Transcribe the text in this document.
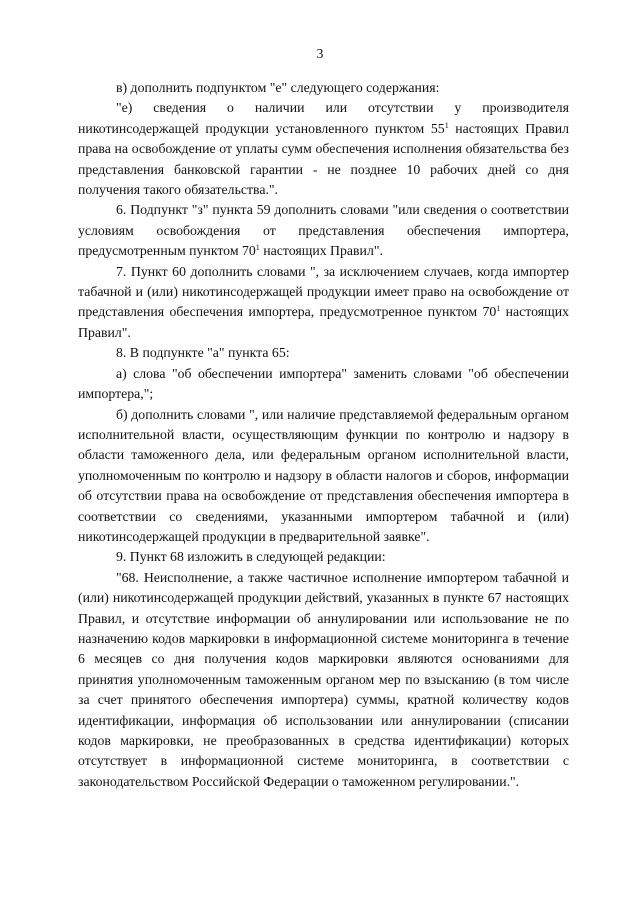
3

в) дополнить подпунктом "е" следующего содержания:

"е) сведения о наличии или отсутствии у производителя никотинсодержащей продукции установленного пунктом $55^1$ настоящих Правил права на освобождение от уплаты сумм обеспечения исполнения обязательства без представления банковской гарантии - не позднее 10 рабочих дней со дня получения такого обязательства.".

6. Подпункт "з" пункта 59 дополнить словами "или сведения о соответствии условиям освобождения от представления обеспечения импортера, предусмотренным пунктом $70^1$ настоящих Правил".

7. Пункт 60 дополнить словами ", за исключением случаев, когда импортер табачной и (или) никотинсодержащей продукции имеет право на освобождение от представления обеспечения импортера, предусмотренное пунктом $70^1$ настоящих Правил".

8. В подпункте "а" пункта 65:

а) слова "об обеспечении импортера" заменить словами "об обеспечении импортера,";

б) дополнить словами ", или наличие представляемой федеральным органом исполнительной власти, осуществляющим функции по контролю и надзору в области таможенного дела, или федеральным органом исполнительной власти, уполномоченным по контролю и надзору в области налогов и сборов, информации об отсутствии права на освобождение от представления обеспечения импортера в соответствии со сведениями, указанными импортером табачной и (или) никотинсодержащей продукции в предварительной заявке".

9. Пункт 68 изложить в следующей редакции:

"68. Неисполнение, а также частичное исполнение импортером табачной и (или) никотинсодержащей продукции действий, указанных в пункте 67 настоящих Правил, и отсутствие информации об аннулировании или использование не по назначению кодов маркировки в информационной системе мониторинга в течение 6 месяцев со дня получения кодов маркировки являются основаниями для принятия уполномоченным таможенным органом мер по взысканию (в том числе за счет принятого обеспечения импортера) суммы, кратной количеству кодов идентификации, информация об использовании или аннулировании (списании кодов маркировки, не преобразованных в средства идентификации) которых отсутствует в информационной системе мониторинга, в соответствии с законодательством Российской Федерации о таможенном регулировании.".
